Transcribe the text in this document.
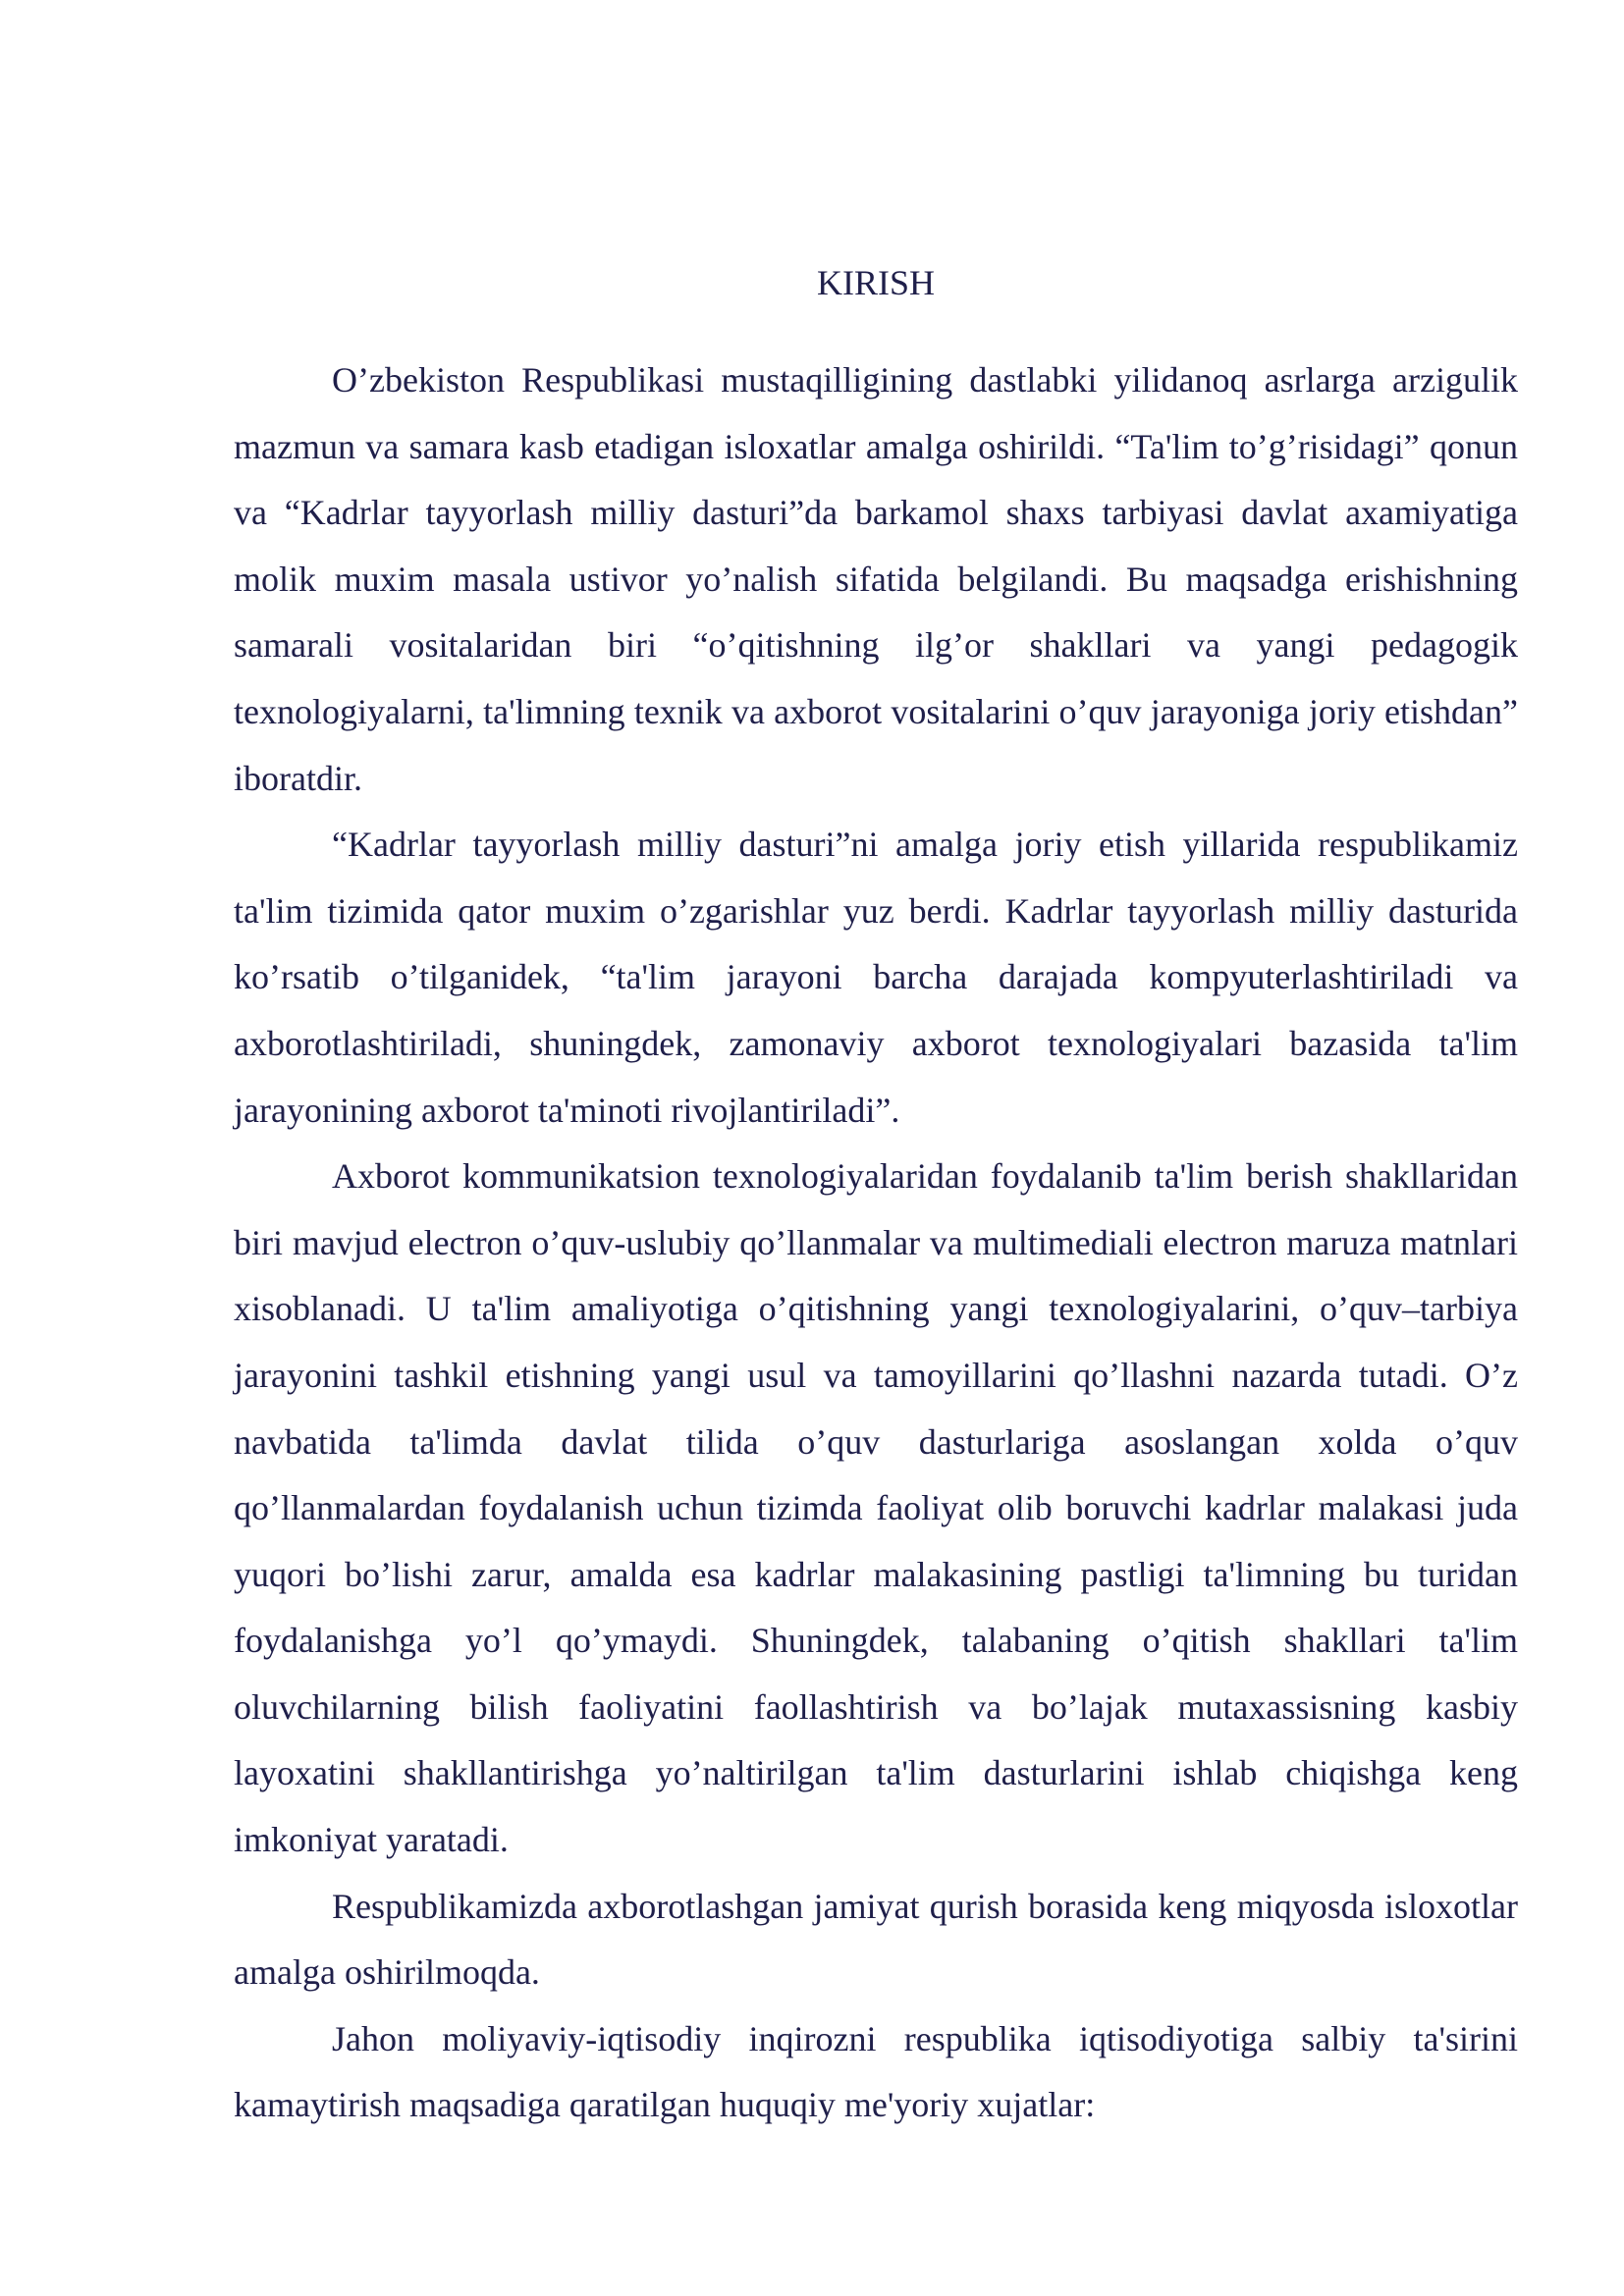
KIRISH

O’zbekiston Respublikasi mustaqilligining dastlabki yilidanoq asrlarga arzigulik mazmun va samara kasb etadigan isloxatlar amalga oshirildi. “Ta'lim to’g’risidagi” qonun va “Kadrlar tayyorlash milliy dasturi”da barkamol shaxs tarbiyasi davlat axamiyatiga molik muxim masala ustivor yo’nalish sifatida belgilandi. Bu maqsadga erishishning samarali vositalaridan biri “o’qitishning ilg’or shakllari va yangi pedagogik texnologiyalarni, ta'limning texnik va axborot vositalarini o’quv jarayoniga joriy etishdan” iboratdir.

“Kadrlar tayyorlash milliy dasturi”ni amalga joriy etish yillarida respublikamiz ta'lim tizimida qator muxim o’zgarishlar yuz berdi. Kadrlar tayyorlash milliy dasturida ko’rsatib o’tilganidek, “ta'lim jarayoni barcha darajada kompyuterlashtiriladi va axborotlashtiriladi, shuningdek, zamonaviy axborot texnologiyalari bazasida ta'lim jarayonining axborot ta'minoti rivojlantiriladi”.

Axborot kommunikatsion texnologiyalaridan foydalanib ta'lim berish shakllaridan biri mavjud electron o’quv-uslubiy qo’llanmalar va multimediali electron maruza matnlari xisoblanadi. U ta'lim amaliyotiga o’qitishning yangi texnologiyalarini, o’quv–tarbiya jarayonini tashkil etishning yangi usul va tamoyillarini qo’llashni nazarda tutadi. O’z navbatida ta'limda davlat tilida o’quv dasturlariga asoslangan xolda o’quv qo’llanmalardan foydalanish uchun tizimda faoliyat olib boruvchi kadrlar malakasi juda yuqori bo’lishi zarur, amalda esa kadrlar malakasining pastligi ta'limning bu turidan foydalanishga yo’l qo’ymaydi. Shuningdek, talabaning o’qitish shakllari ta'lim oluvchilarning bilish faoliyatini faollashtirish va bo’lajak mutaxassisning kasbiy layoxatini shakllantirishga yo’naltirilgan ta'lim dasturlarini ishlab chiqishga keng imkoniyat yaratadi.

Respublikamizda axborotlashgan jamiyat qurish borasida keng miqyosda isloxotlar amalga oshirilmoqda.

Jahon moliyaviy-iqtisodiy inqirozni respublika iqtisodiyotiga salbiy ta'sirini kamaytirish maqsadiga qaratilgan huquqiy me'yoriy xujatlar:
